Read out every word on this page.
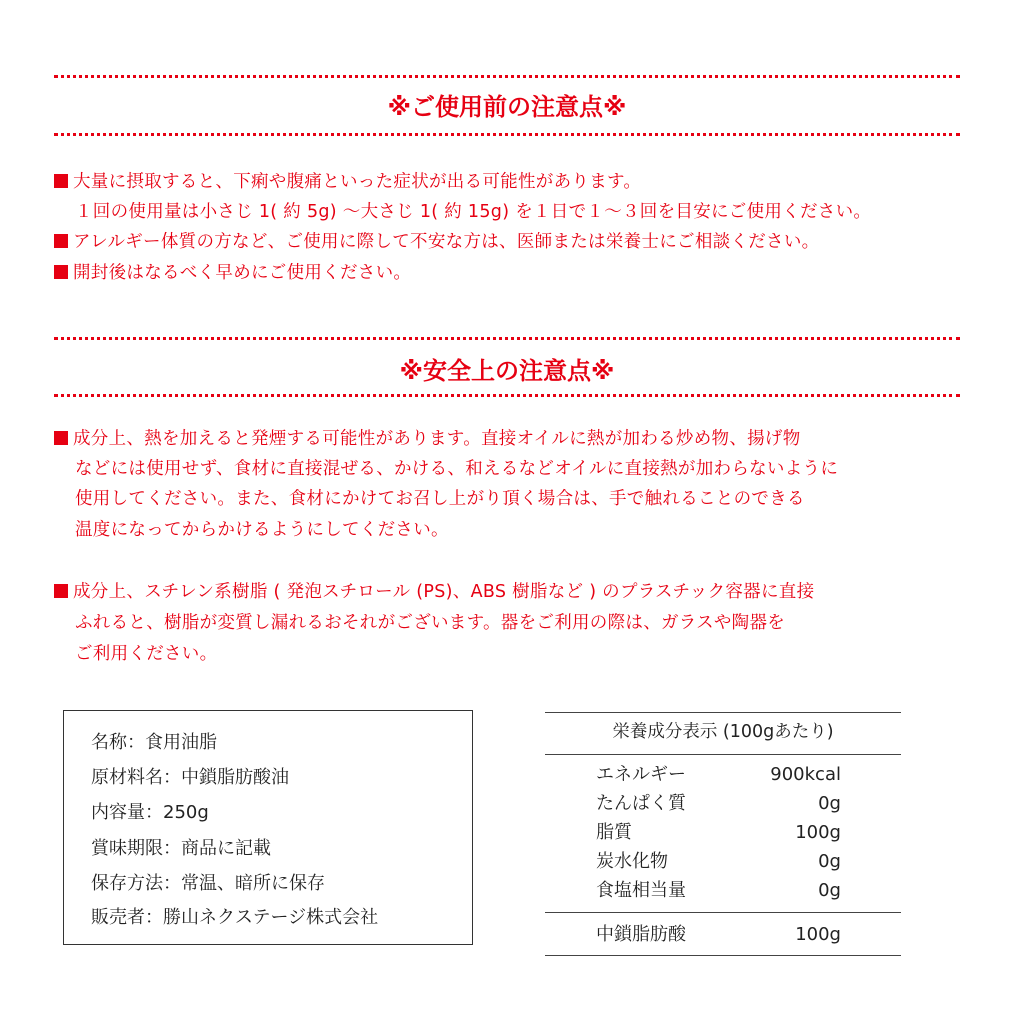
※ご使用前の注意点※
大量に摂取すると、下痢や腹痛といった症状が出る可能性があります。
１回の使用量は小さじ 1( 約 5g) 〜大さじ 1( 約 15g) を１日で１〜３回を目安にご使用ください。
アレルギー体質の方など、ご使用に際して不安な方は、医師または栄養士にご相談ください。
開封後はなるべく早めにご使用ください。
※安全上の注意点※
成分上、熱を加えると発煙する可能性があります。直接オイルに熱が加わる炒め物、揚げ物
などには使用せず、食材に直接混ぜる、かける、和えるなどオイルに直接熱が加わらないように
使用してください。また、食材にかけてお召し上がり頂く場合は、手で触れることのできる
温度になってからかけるようにしてください。
成分上、スチレン系樹脂 ( 発泡スチロール (PS)、ABS 樹脂など ) のプラスチック容器に直接
ふれると、樹脂が変質し漏れるおそれがございます。器をご利用の際は、ガラスや陶器を
ご利用ください。
名称：食用油脂
原材料名：中鎖脂肪酸油
内容量：250g
賞味期限：商品に記載
保存方法：常温、暗所に保存
販売者：勝山ネクステージ株式会社
栄養成分表示 (100gあたり)
エネルギー	900kcal
たんぱく質	0g
脂質	100g
炭水化物	0g
食塩相当量	0g
中鎖脂肪酸	100g
